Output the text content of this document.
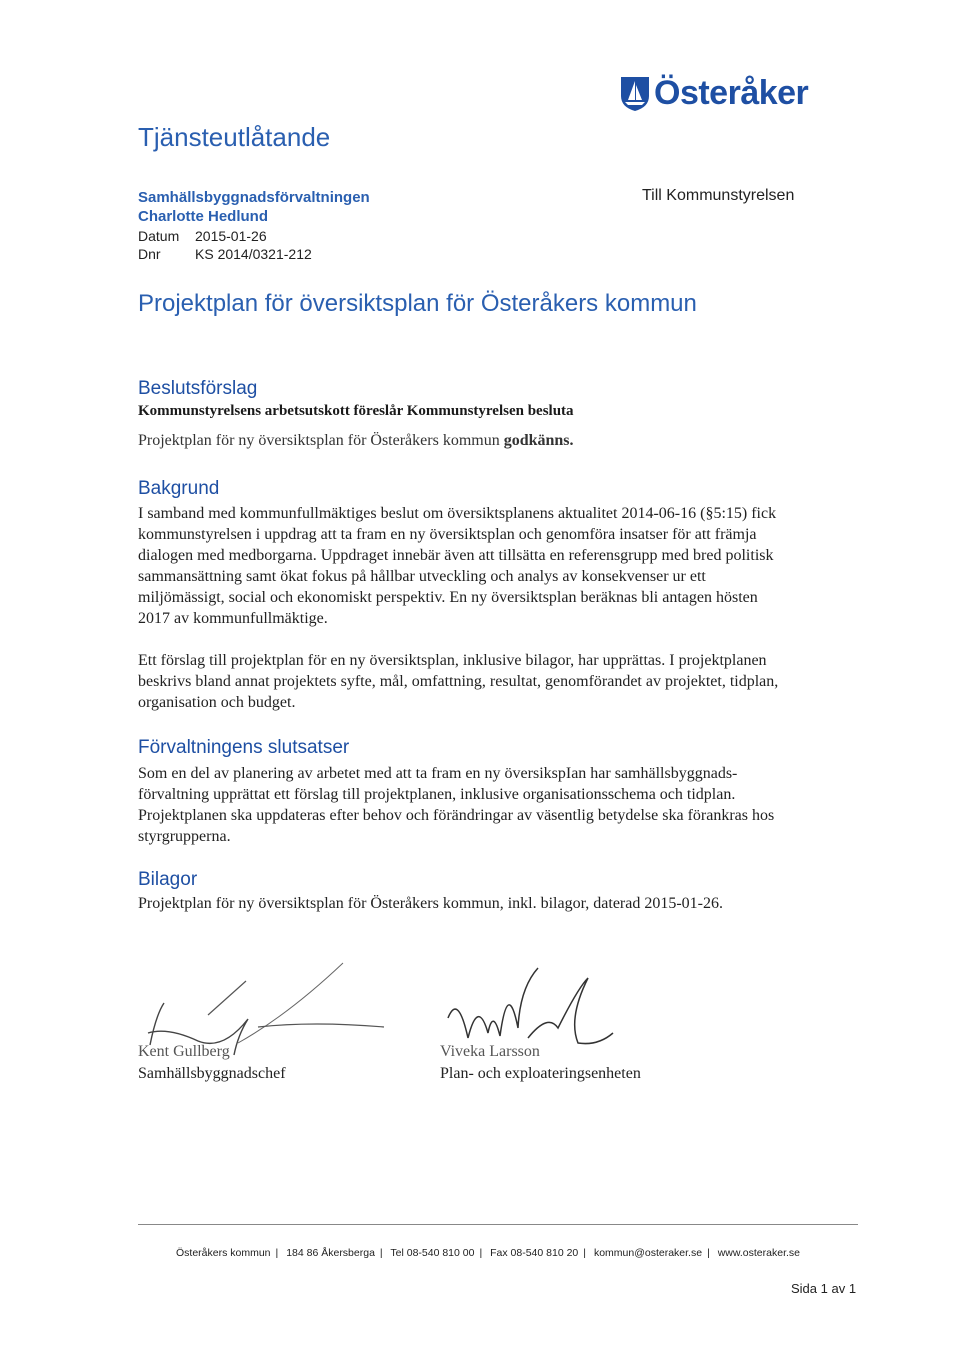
Österåker
Tjänsteutlåtande
Samhällsbyggnadsförvaltningen
Charlotte Hedlund
Datum 2015-01-26
Dnr KS 2014/0321-212
Till Kommunstyrelsen
Projektplan för översiktsplan för Österåkers kommun
Beslutsförslag
Kommunstyrelsens arbetsutskott föreslår Kommunstyrelsen besluta
Projektplan för ny översiktsplan för Österåkers kommun godkänns.
Bakgrund
I samband med kommunfullmäktiges beslut om översiktsplanens aktualitet 2014-06-16 (§5:15) fick
kommunstyrelsen i uppdrag att ta fram en ny översiktsplan och genomföra insatser för att främja
dialogen med medborgarna. Uppdraget innebär även att tillsätta en referensgrupp med bred politisk
sammansättning samt ökat fokus på hållbar utveckling och analys av konsekvenser ur ett
miljömässigt, social och ekonomiskt perspektiv. En ny översiktsplan beräknas bli antagen hösten
2017 av kommunfullmäktige.
Ett förslag till projektplan för en ny översiktsplan, inklusive bilagor, har upprättas. I projektplanen
beskrivs bland annat projektets syfte, mål, omfattning, resultat, genomförandet av projektet, tidplan,
organisation och budget.
Förvaltningens slutsatser
Som en del av planering av arbetet med att ta fram en ny översikspIan har samhällsbyggnads-
förvaltning upprättat ett förslag till projektplanen, inklusive organisationsschema och tidplan.
Projektplanen ska uppdateras efter behov och förändringar av väsentlig betydelse ska förankras hos
styrgrupperna.
Bilagor
Projektplan för ny översiktsplan för Österåkers kommun, inkl. bilagor, daterad 2015-01-26.
Kent Gullberg
Samhällsbyggnadschef
Viveka Larsson
Plan- och exploateringsenheten
Österåkers kommun | 184 86 Åkersberga | Tel 08-540 810 00 | Fax 08-540 810 20 | kommun@osteraker.se | www.osteraker.se
Sida 1 av 1
